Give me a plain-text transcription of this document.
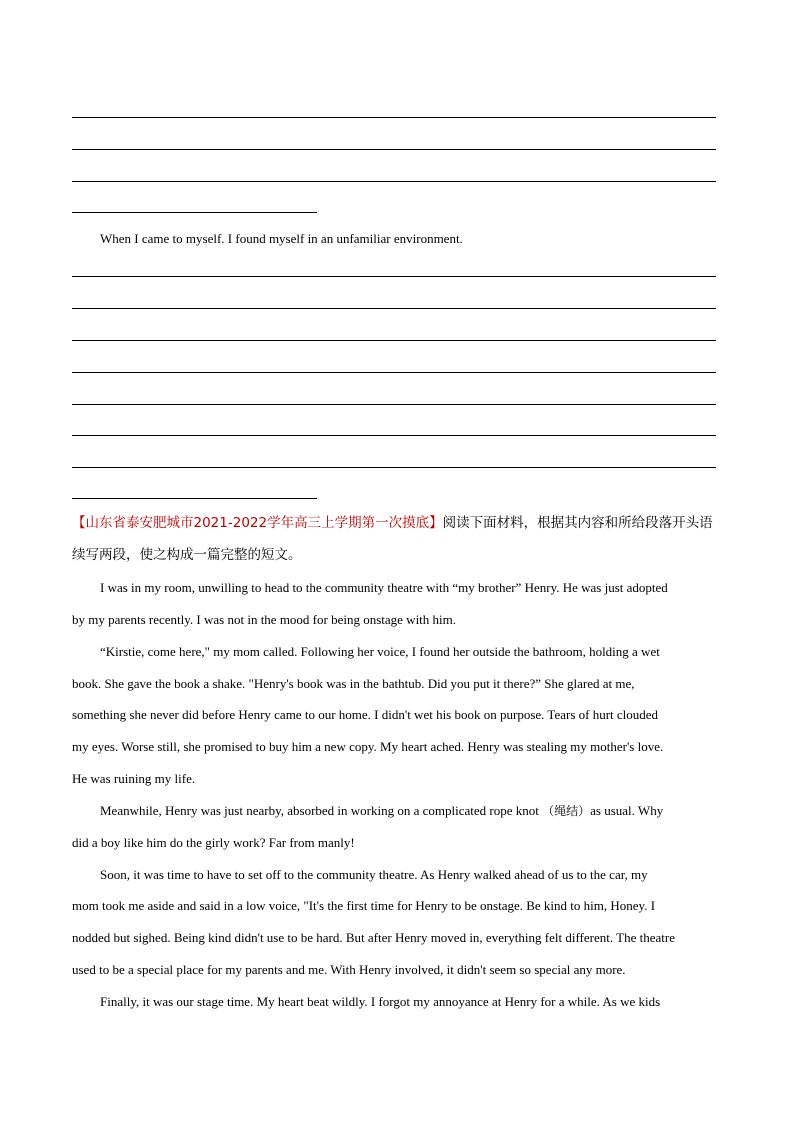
When I came to myself. I found myself in an unfamiliar environment.
【山东省泰安肥城市2021-2022学年高三上学期第一次摸底】阅读下面材料，根据其内容和所给段落开头语
续写两段，使之构成一篇完整的短文。
I was in my room, unwilling to head to the community theatre with “my brother” Henry. He was just adopted
by my parents recently. I was not in the mood for being onstage with him.
“Kirstie, come here," my mom called. Following her voice, I found her outside the bathroom, holding a wet
book. She gave the book a shake. "Henry's book was in the bathtub. Did you put it there?” She glared at me,
something she never did before Henry came to our home. I didn't wet his book on purpose. Tears of hurt clouded
my eyes. Worse still, she promised to buy him a new copy. My heart ached. Henry was stealing my mother's love.
He was ruining my life.
Meanwhile, Henry was just nearby, absorbed in working on a complicated rope knot （绳结）as usual. Why
did a boy like him do the girly work? Far from manly!
Soon, it was time to have to set off to the community theatre. As Henry walked ahead of us to the car, my
mom took me aside and said in a low voice, "It's the first time for Henry to be onstage. Be kind to him, Honey. I
nodded but sighed. Being kind didn't use to be hard. But after Henry moved in, everything felt different. The theatre
used to be a special place for my parents and me. With Henry involved, it didn't seem so special any more.
Finally, it was our stage time. My heart beat wildly. I forgot my annoyance at Henry for a while. As we kids
